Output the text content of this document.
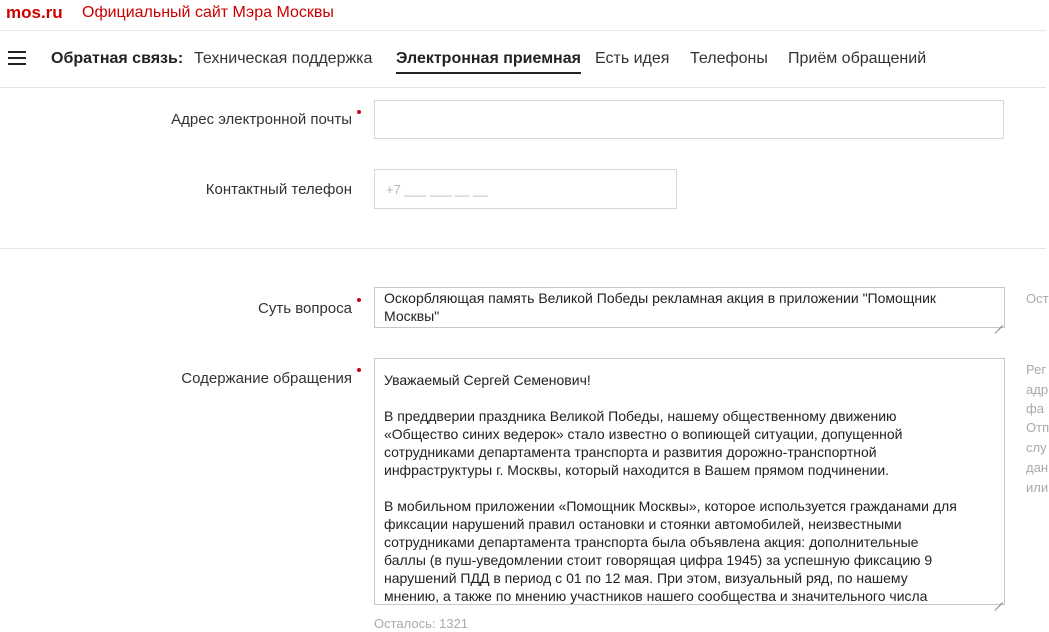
mos.ru Официальный сайт Мэра Москвы
Обратная связь: Техническая поддержка Электронная приемная Есть идея Телефоны Приём обращений
Адрес электронной почты
Контактный телефон	+7 ___ ___ __ __
Суть вопроса
Оскорбляющая память Великой Победы рекламная акция в приложении "Помощник
Москвы"
Ост
Содержание обращения Уважаемый Сергей Семенович!

В преддверии праздника Великой Победы, нашему общественному движению
«Общество синих ведерок» стало известно о вопиющей ситуации, допущенной
сотрудниками департамента транспорта и развития дорожно-транспортной
инфраструктуры г. Москвы, который находится в Вашем прямом подчинении.

В мобильном приложении «Помощник Москвы», которое используется гражданами для
фиксации нарушений правил остановки и стоянки автомобилей, неизвестными
сотрудниками департамента транспорта была объявлена акция: дополнительные
баллы (в пуш-уведомлении стоит говорящая цифра 1945) за успешную фиксацию 9
нарушений ПДД в период с 01 по 12 мая. При этом, визуальный ряд, по нашему
мнению, а также по мнению участников нашего сообщества и значительного числа
Рег
адр
фа
Отп
слу
дан
или
Осталось: 1321
